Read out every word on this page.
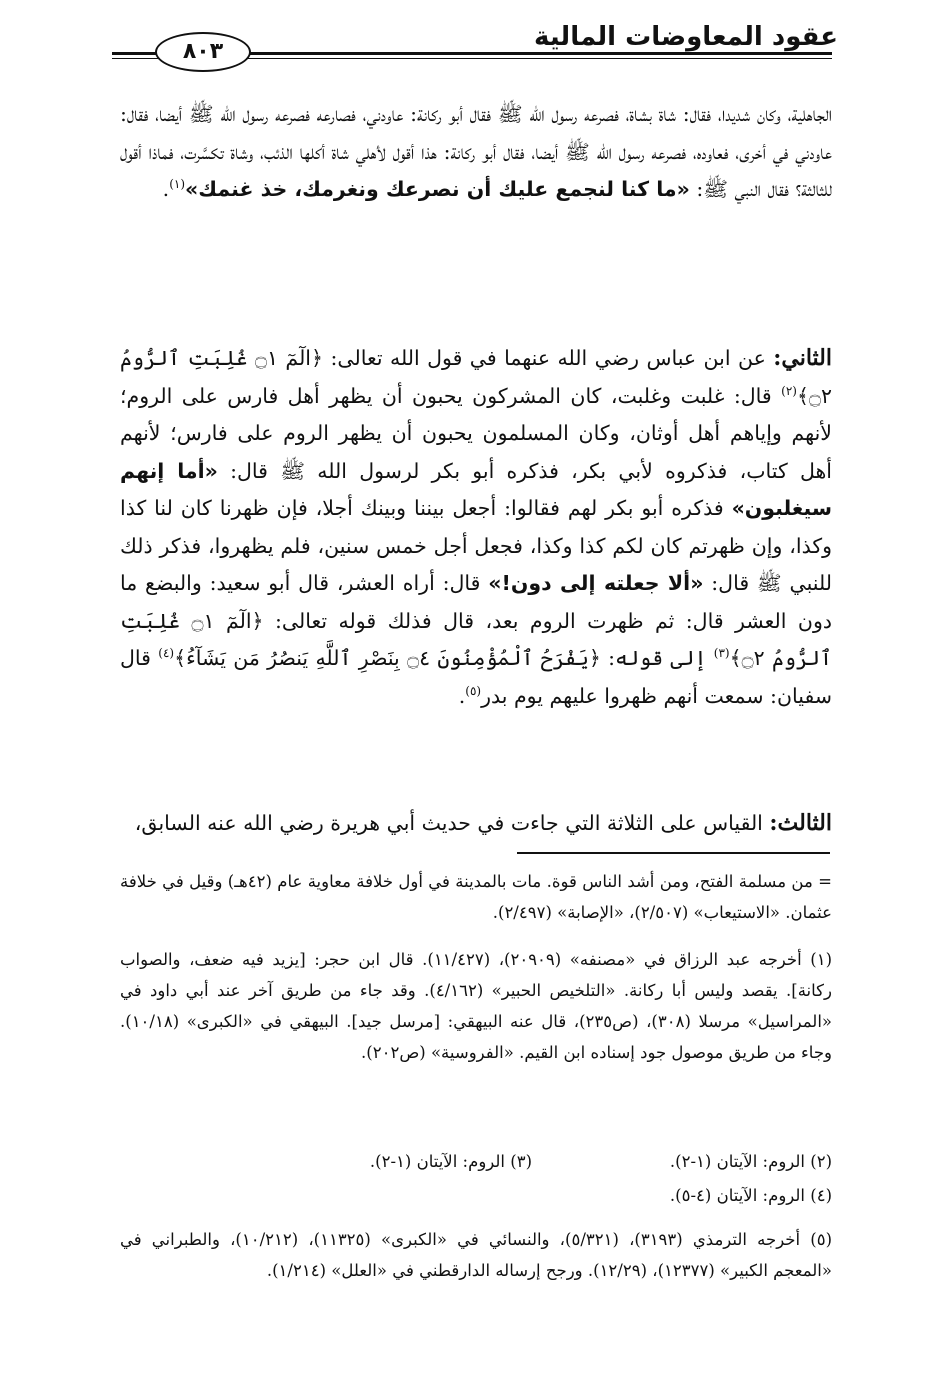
عقود المعاوضات المالية
٨٠٣
الجاهلية، وكان شديدا، فقال: شاة بشاة، فصرعه رسول الله ﷺ فقال أبو ركانة: عاودني، فصارعه فصرعه رسول الله ﷺ أيضا، فقال: عاودني في أخرى، فعاوده، فصرعه رسول الله ﷺ أيضا، فقال أبو ركانة: هذا أقول لأهلي شاة أكلها الذئب، وشاة تكسَّرت، فماذا أقول للثالثة؟ فقال النبي ﷺ: «ما كنا لنجمع عليك أن نصرعك ونغرمك، خذ غنمك»$^{(١)}$.
الثاني: عن ابن عباس رضي الله عنهما في قول الله تعالى: ﴿الٓمٓ ۝١ غُلِبَتِ ٱلرُّومُ ۝٢﴾$^{(٢)}$ قال: غلبت وغلبت، كان المشركون يحبون أن يظهر أهل فارس على الروم؛ لأنهم وإياهم أهل أوثان، وكان المسلمون يحبون أن يظهر الروم على فارس؛ لأنهم أهل كتاب، فذكروه لأبي بكر، فذكره أبو بكر لرسول الله ﷺ قال: «أما إنهم سيغلبون» فذكره أبو بكر لهم فقالوا: أجعل بيننا وبينك أجلا، فإن ظهرنا كان لنا كذا وكذا، وإن ظهرتم كان لكم كذا وكذا، فجعل أجل خمس سنين، فلم يظهروا، فذكر ذلك للنبي ﷺ قال: «ألا جعلته إلى دون!» قال: أراه العشر، قال أبو سعيد: والبضع ما دون العشر قال: ثم ظهرت الروم بعد، قال فذلك قوله تعالى: ﴿الٓمٓ ۝١ غُلِبَتِ ٱلرُّومُ ۝٢﴾$^{(٣)}$ إلى قوله: ﴿يَفْرَحُ ٱلْمُؤْمِنُونَ ۝٤ بِنَصْرِ ٱللَّهِ يَنصُرُ مَن يَشَآءُ﴾$^{(٤)}$ قال سفيان: سمعت أنهم ظهروا عليهم يوم بدر$^{(٥)}$.
الثالث: القياس على الثلاثة التي جاءت في حديث أبي هريرة رضي الله عنه السابق،
= من مسلمة الفتح، ومن أشد الناس قوة. مات بالمدينة في أول خلافة معاوية عام (٤٢هـ) وقيل في خلافة عثمان. «الاستيعاب» (٢/٥٠٧)، «الإصابة» (٢/٤٩٧).
(١) أخرجه عبد الرزاق في «مصنفه» (٢٠٩٠٩)، (١١/٤٢٧). قال ابن حجر: [يزيد فيه ضعف، والصواب ركانة]. يقصد وليس أبا ركانة. «التلخيص الحبير» (٤/١٦٢). وقد جاء من طريق آخر عند أبي داود في «المراسيل» مرسلا (٣٠٨)، (ص٢٣٥)، قال عنه البيهقي: [مرسل جيد]. البيهقي في «الكبرى» (١٠/١٨). وجاء من طريق موصول جود إسناده ابن القيم. «الفروسية» (ص٢٠٢).
(٢) الروم: الآيتان (١-٢).
(٣) الروم: الآيتان (١-٢).
(٤) الروم: الآيتان (٤-٥).
(٥) أخرجه الترمذي (٣١٩٣)، (٥/٣٢١)، والنسائي في «الكبرى» (١١٣٢٥)، (١٠/٢١٢)، والطبراني في «المعجم الكبير» (١٢٣٧٧)، (١٢/٢٩). ورجح إرساله الدارقطني في «العلل» (١/٢١٤).
